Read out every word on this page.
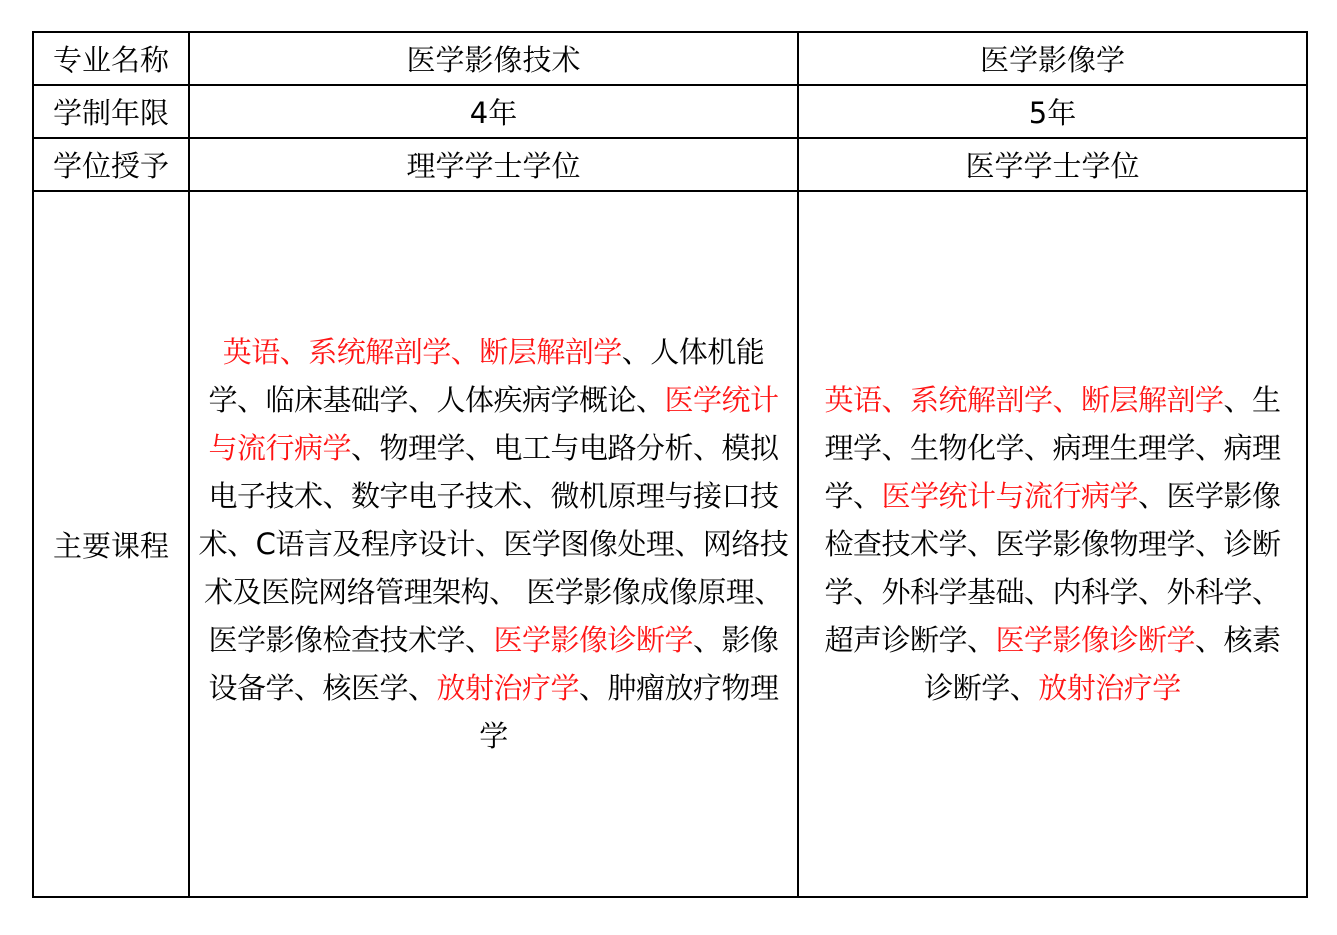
专业名称	医学影像技术	医学影像学
学制年限	4年	5年
学位授予	理学学士学位	医学学士学位
主要课程	英语、系统解剖学、断层解剖学、人体机能学、临床基础学、人体疾病学概论、医学统计与流行病学、物理学、电工与电路分析、模拟电子技术、数字电子技术、微机原理与接口技术、C语言及程序设计、医学图像处理、网络技术及医院网络管理架构、 医学影像成像原理、医学影像检查技术学、医学影像诊断学、影像设备学、核医学、放射治疗学、肿瘤放疗物理学	英语、系统解剖学、断层解剖学、生理学、生物化学、病理生理学、病理学、医学统计与流行病学、医学影像检查技术学、医学影像物理学、诊断学、外科学基础、内科学、外科学、超声诊断学、医学影像诊断学、核素诊断学、放射治疗学
